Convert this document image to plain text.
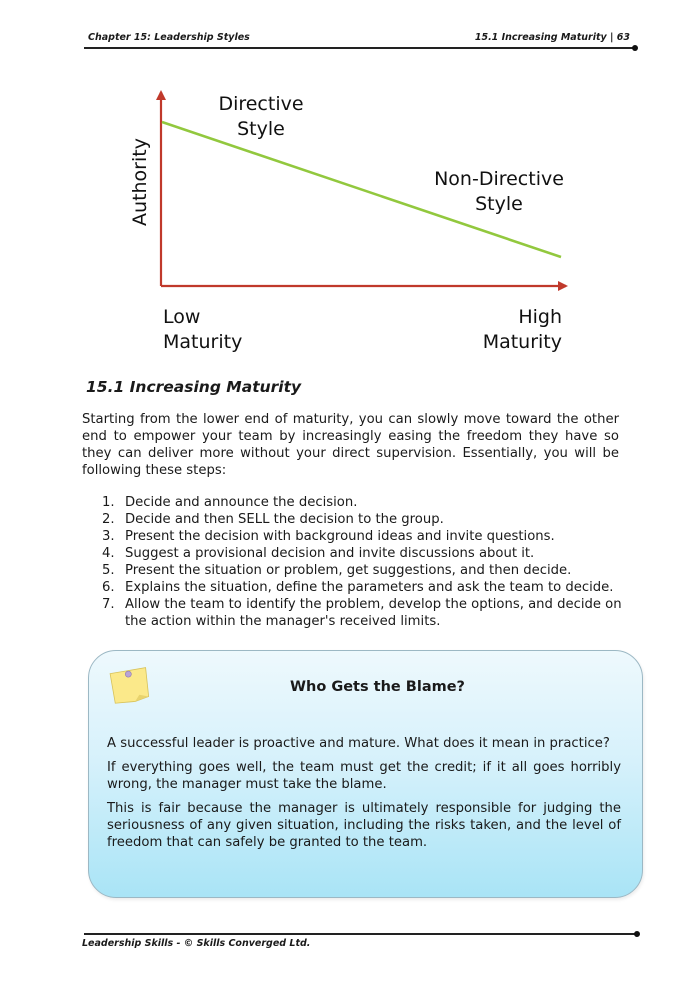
Chapter 15: Leadership Styles	15.1 Increasing Maturity | 63
Authority
Directive
Style
Non-Directive
Style
Low
Maturity
High
Maturity
15.1 Increasing Maturity

Starting from the lower end of maturity, you can slowly move toward the other end to empower your team by increasingly easing the freedom they have so they can deliver more without your direct supervision. Essentially, you will be following these steps:

1. Decide and announce the decision.
2. Decide and then SELL the decision to the group.
3. Present the decision with background ideas and invite questions.
4. Suggest a provisional decision and invite discussions about it.
5. Present the situation or problem, get suggestions, and then decide.
6. Explains the situation, define the parameters and ask the team to decide.
7. Allow the team to identify the problem, develop the options, and decide on the action within the manager's received limits.
Who Gets the Blame?

A successful leader is proactive and mature. What does it mean in practice?

If everything goes well, the team must get the credit; if it all goes horribly wrong, the manager must take the blame.

This is fair because the manager is ultimately responsible for judging the seriousness of any given situation, including the risks taken, and the level of freedom that can safely be granted to the team.

Leadership Skills - © Skills Converged Ltd.
